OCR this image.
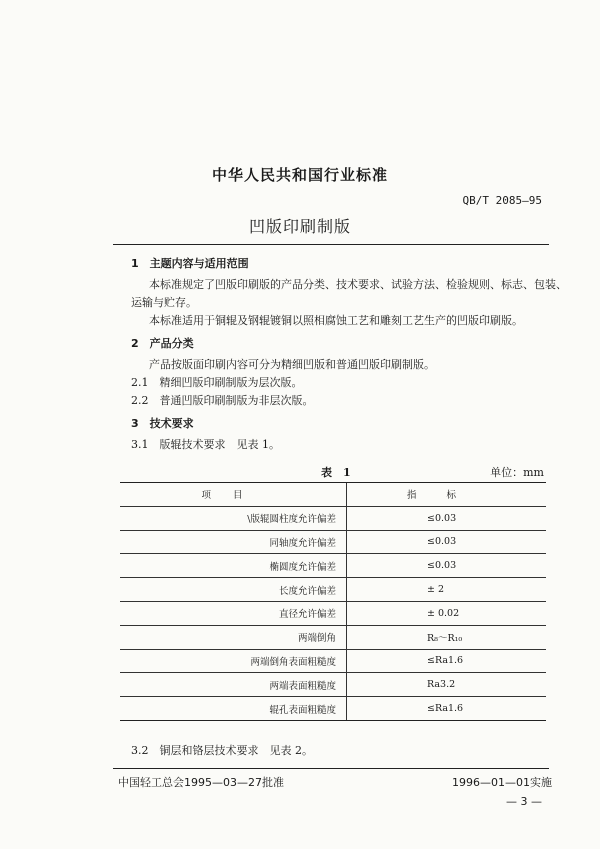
中华人民共和国行业标准
QB/T 2085—95
凹版印刷制版
1　主题内容与适用范围
本标准规定了凹版印刷版的产品分类、技术要求、试验方法、检验规则、标志、包装、
运输与贮存。
本标准适用于铜辊及钢辊镀铜以照相腐蚀工艺和雕刻工艺生产的凹版印刷版。
2　产品分类
产品按版面印刷内容可分为精细凹版和普通凹版印刷制版。
2.1　精细凹版印刷制版为层次版。
2.2　普通凹版印刷制版为非层次版。
3　技术要求
3.1　版辊技术要求　见表 1。
表　1	单位：mm
项目	指标
\版辊圆柱度允许偏差	≤0.03
同轴度允许偏差	≤0.03
椭圆度允许偏差	≤0.03
长度允许偏差	± 2
直径允许偏差	± 0.02
两端倒角	R₈～R₁₀
两端倒角表面粗糙度	≤Ra1.6
两端表面粗糙度	Ra3.2
辊孔表面粗糙度	≤Ra1.6
3.2　铜层和铬层技术要求　见表 2。
中国轻工总会1995—03—27批准	1996—01—01实施
— 3 —
